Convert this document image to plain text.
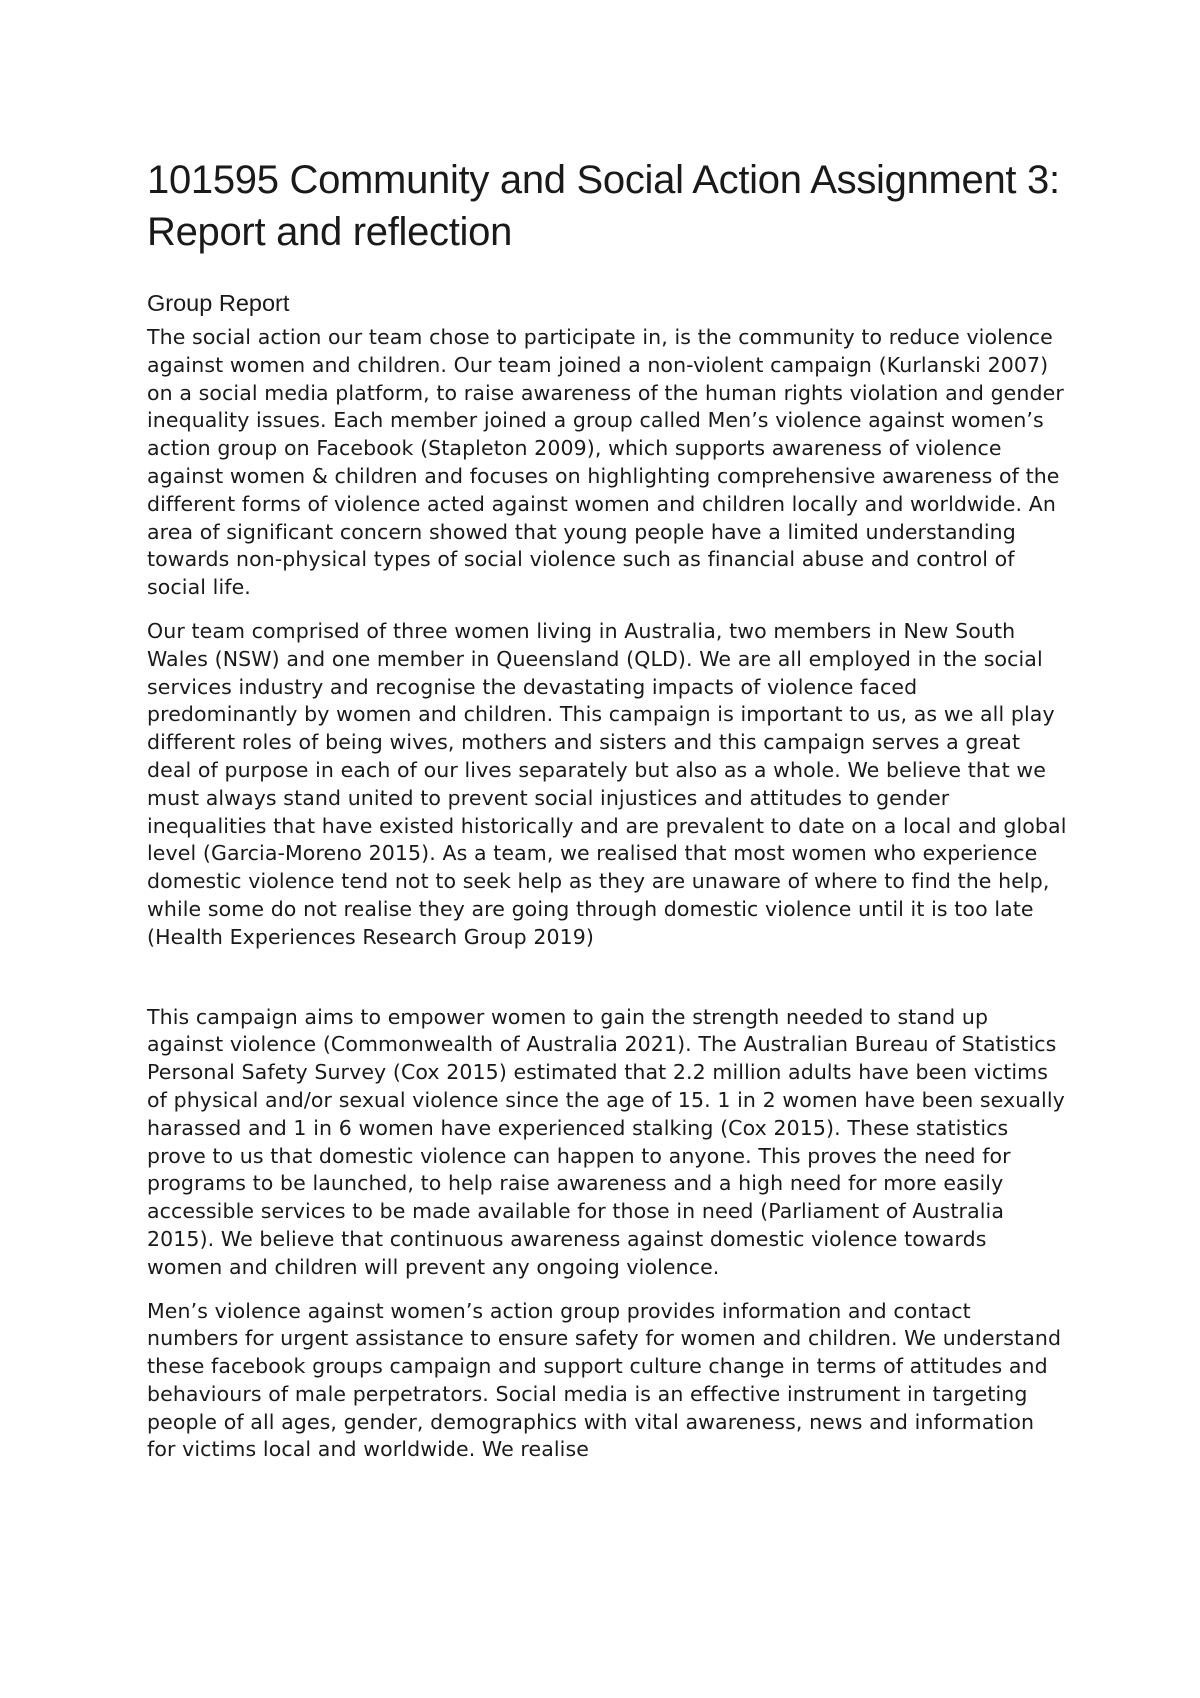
101595 Community and Social Action Assignment 3: Report and reflection
Group Report

The social action our team chose to participate in, is the community to reduce violence against women and children. Our team joined a non-violent campaign (Kurlanski 2007) on a social media platform, to raise awareness of the human rights violation and gender inequality issues. Each member joined a group called Men’s violence against women’s action group on Facebook (Stapleton 2009), which supports awareness of violence against women & children and focuses on highlighting comprehensive awareness of the different forms of violence acted against women and children locally and worldwide. An area of significant concern showed that young people have a limited understanding towards non-physical types of social violence such as financial abuse and control of social life.

Our team comprised of three women living in Australia, two members in New South Wales (NSW) and one member in Queensland (QLD). We are all employed in the social services industry and recognise the devastating impacts of violence faced predominantly by women and children. This campaign is important to us, as we all play different roles of being wives, mothers and sisters and this campaign serves a great deal of purpose in each of our lives separately but also as a whole. We believe that we must always stand united to prevent social injustices and attitudes to gender inequalities that have existed historically and are prevalent to date on a local and global level (Garcia-Moreno 2015). As a team, we realised that most women who experience domestic violence tend not to seek help as they are unaware of where to find the help, while some do not realise they are going through domestic violence until it is too late (Health Experiences Research Group 2019)

This campaign aims to empower women to gain the strength needed to stand up against violence (Commonwealth of Australia 2021). The Australian Bureau of Statistics Personal Safety Survey (Cox 2015) estimated that 2.2 million adults have been victims of physical and/or sexual violence since the age of 15. 1 in 2 women have been sexually harassed and 1 in 6 women have experienced stalking (Cox 2015). These statistics prove to us that domestic violence can happen to anyone. This proves the need for programs to be launched, to help raise awareness and a high need for more easily accessible services to be made available for those in need (Parliament of Australia 2015). We believe that continuous awareness against domestic violence towards women and children will prevent any ongoing violence.

Men’s violence against women’s action group provides information and contact numbers for urgent assistance to ensure safety for women and children. We understand these facebook groups campaign and support culture change in terms of attitudes and behaviours of male perpetrators. Social media is an effective instrument in targeting people of all ages, gender, demographics with vital awareness, news and information for victims local and worldwide. We realise
